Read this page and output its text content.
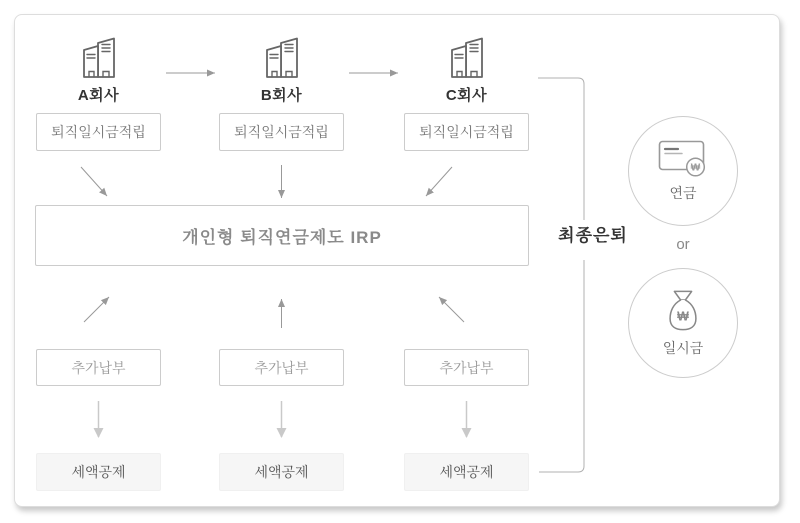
A회사	B회사	C회사
퇴직일시금적립	퇴직일시금적립	퇴직일시금적립
개인형 퇴직연금제도 IRP
추가납부	추가납부	추가납부
세액공제	세액공제	세액공제
최종은퇴
₩
연금
or
₩
일시금
